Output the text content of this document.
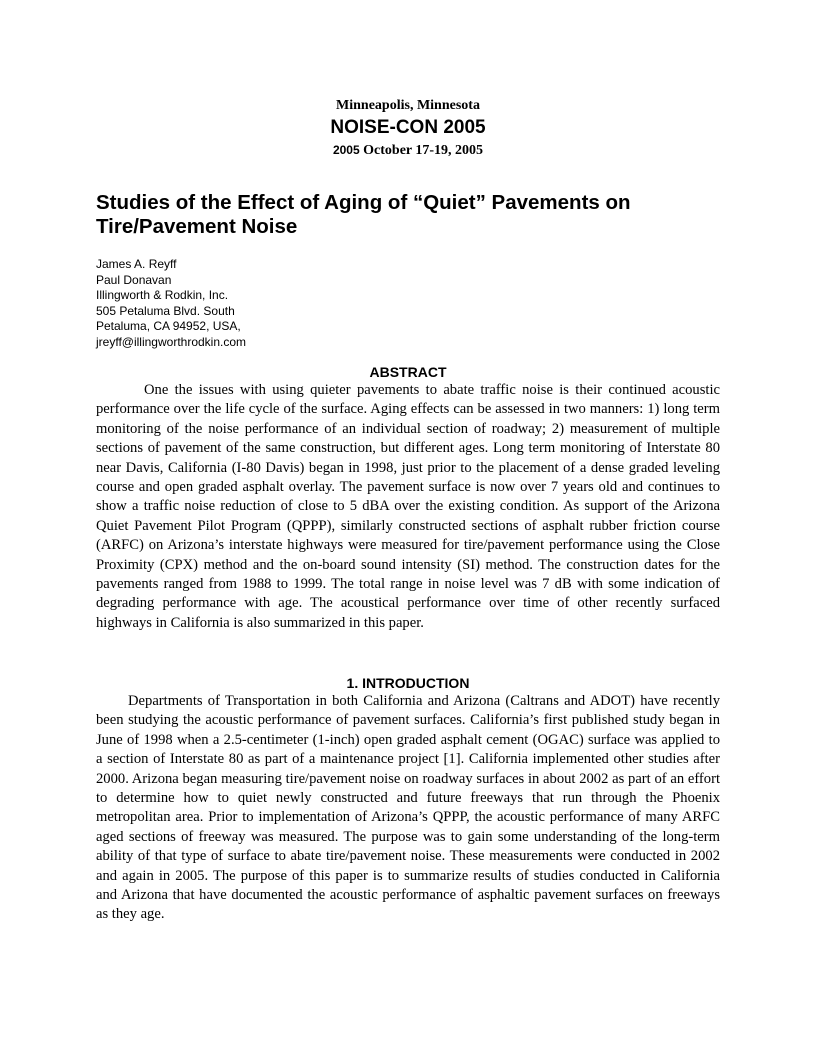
Minneapolis, Minnesota
NOISE-CON 2005
2005 October 17-19, 2005
Studies of the Effect of Aging of “Quiet” Pavements on Tire/Pavement Noise
James A. Reyff
Paul Donavan
Illingworth & Rodkin, Inc.
505 Petaluma Blvd. South
Petaluma, CA 94952, USA,
jreyff@illingworthrodkin.com
ABSTRACT

One the issues with using quieter pavements to abate traffic noise is their continued acoustic performance over the life cycle of the surface. Aging effects can be assessed in two manners: 1) long term monitoring of the noise performance of an individual section of roadway; 2) measurement of multiple sections of pavement of the same construction, but different ages. Long term monitoring of Interstate 80 near Davis, California (I-80 Davis) began in 1998, just prior to the placement of a dense graded leveling course and open graded asphalt overlay. The pavement surface is now over 7 years old and continues to show a traffic noise reduction of close to 5 dBA over the existing condition. As support of the Arizona Quiet Pavement Pilot Program (QPPP), similarly constructed sections of asphalt rubber friction course (ARFC) on Arizona’s interstate highways were measured for tire/pavement performance using the Close Proximity (CPX) method and the on-board sound intensity (SI) method. The construction dates for the pavements ranged from 1988 to 1999. The total range in noise level was 7 dB with some indication of degrading performance with age. The acoustical performance over time of other recently surfaced highways in California is also summarized in this paper.

1. INTRODUCTION

Departments of Transportation in both California and Arizona (Caltrans and ADOT) have recently been studying the acoustic performance of pavement surfaces. California’s first published study began in June of 1998 when a 2.5-centimeter (1-inch) open graded asphalt cement (OGAC) surface was applied to a section of Interstate 80 as part of a maintenance project [1]. California implemented other studies after 2000. Arizona began measuring tire/pavement noise on roadway surfaces in about 2002 as part of an effort to determine how to quiet newly constructed and future freeways that run through the Phoenix metropolitan area. Prior to implementation of Arizona’s QPPP, the acoustic performance of many ARFC aged sections of freeway was measured. The purpose was to gain some understanding of the long-term ability of that type of surface to abate tire/pavement noise. These measurements were conducted in 2002 and again in 2005. The purpose of this paper is to summarize results of studies conducted in California and Arizona that have documented the acoustic performance of asphaltic pavement surfaces on freeways as they age.
